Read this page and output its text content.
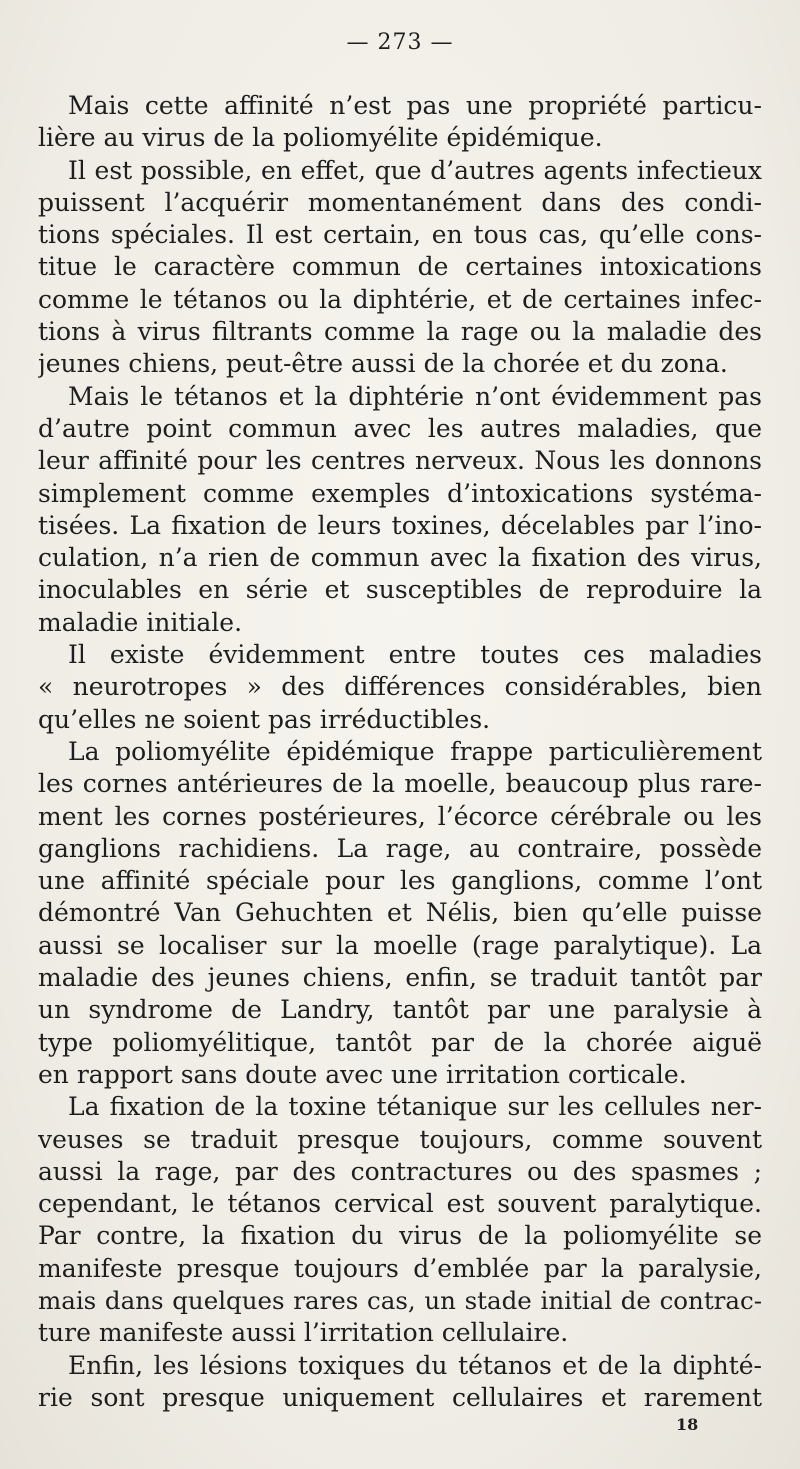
— 273 —
Mais cette affinité n’est pas une propriété particu-
lière au virus de la poliomyélite épidémique.
Il est possible, en effet, que d’autres agents infectieux
puissent l’acquérir momentanément dans des condi-
tions spéciales. Il est certain, en tous cas, qu’elle cons-
titue le caractère commun de certaines intoxications
comme le tétanos ou la diphtérie, et de certaines infec-
tions à virus filtrants comme la rage ou la maladie des
jeunes chiens, peut-être aussi de la chorée et du zona.
Mais le tétanos et la diphtérie n’ont évidemment pas
d’autre point commun avec les autres maladies, que
leur affinité pour les centres nerveux. Nous les donnons
simplement comme exemples d’intoxications systéma-
tisées. La fixation de leurs toxines, décelables par l’ino-
culation, n’a rien de commun avec la fixation des virus,
inoculables en série et susceptibles de reproduire la
maladie initiale.
Il existe évidemment entre toutes ces maladies
« neurotropes » des différences considérables, bien
qu’elles ne soient pas irréductibles.
La poliomyélite épidémique frappe particulièrement
les cornes antérieures de la moelle, beaucoup plus rare-
ment les cornes postérieures, l’écorce cérébrale ou les
ganglions rachidiens. La rage, au contraire, possède
une affinité spéciale pour les ganglions, comme l’ont
démontré Van Gehuchten et Nélis, bien qu’elle puisse
aussi se localiser sur la moelle (rage paralytique). La
maladie des jeunes chiens, enfin, se traduit tantôt par
un syndrome de Landry, tantôt par une paralysie à
type poliomyélitique, tantôt par de la chorée aiguë
en rapport sans doute avec une irritation corticale.
La fixation de la toxine tétanique sur les cellules ner-
veuses se traduit presque toujours, comme souvent
aussi la rage, par des contractures ou des spasmes ;
cependant, le tétanos cervical est souvent paralytique.
Par contre, la fixation du virus de la poliomyélite se
manifeste presque toujours d’emblée par la paralysie,
mais dans quelques rares cas, un stade initial de contrac-
ture manifeste aussi l’irritation cellulaire.
Enfin, les lésions toxiques du tétanos et de la diphté-
rie sont presque uniquement cellulaires et rarement
18
